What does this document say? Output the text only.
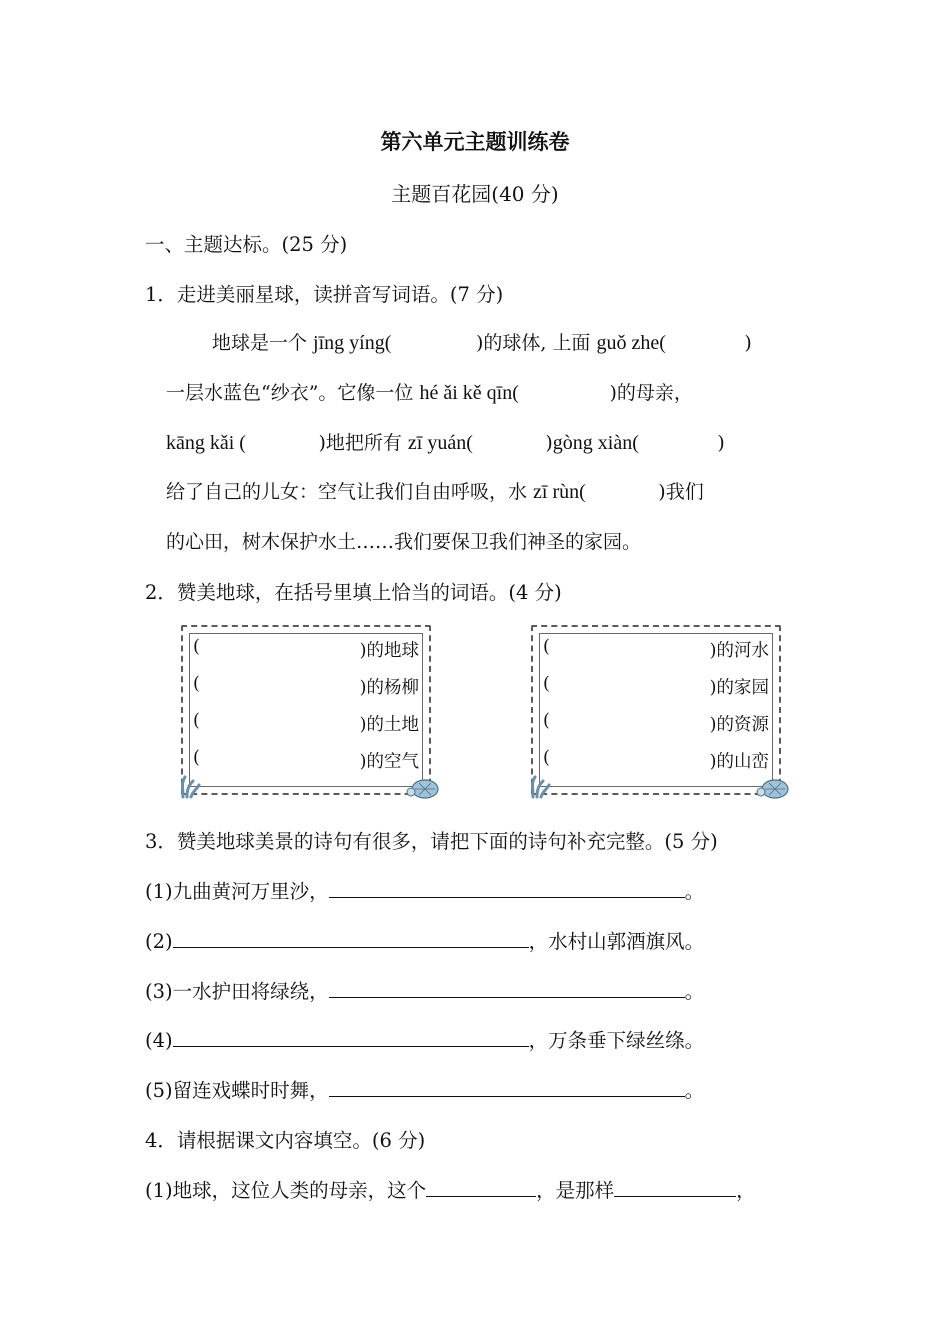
第六单元主题训练卷
主题百花园(40 分)
一、主题达标。(25 分)
1．走进美丽星球，读拼音写词语。(7 分)
地球是一个 jīng yíng(              )的球体, 上面 guǒ zhe(             )
一层水蓝色“纱衣”。它像一位 hé ǎi kě qīn(               )的母亲，
kāng kǎi (            )地把所有 zī yuán(            )gòng xiàn(             )
给了自己的儿女：空气让我们自由呼吸，水 zī rùn(            )我们
的心田，树木保护水土……我们要保卫我们神圣的家园。
2．赞美地球，在括号里填上恰当的词语。(4 分)
(	)的地球
(	)的杨柳
(	)的土地
(	)的空气
(	)的河水
(	)的家园
(	)的资源
(	)的山峦
3．赞美地球美景的诗句有很多，请把下面的诗句补充完整。(5 分)
(1)九曲黄河万里沙，	。
(2)	，水村山郭酒旗风。
(3)一水护田将绿绕，	。
(4)	，万条垂下绿丝绦。
(5)留连戏蝶时时舞，	。
4．请根据课文内容填空。(6 分)
(1)地球，这位人类的母亲，这个	，是那样	，
